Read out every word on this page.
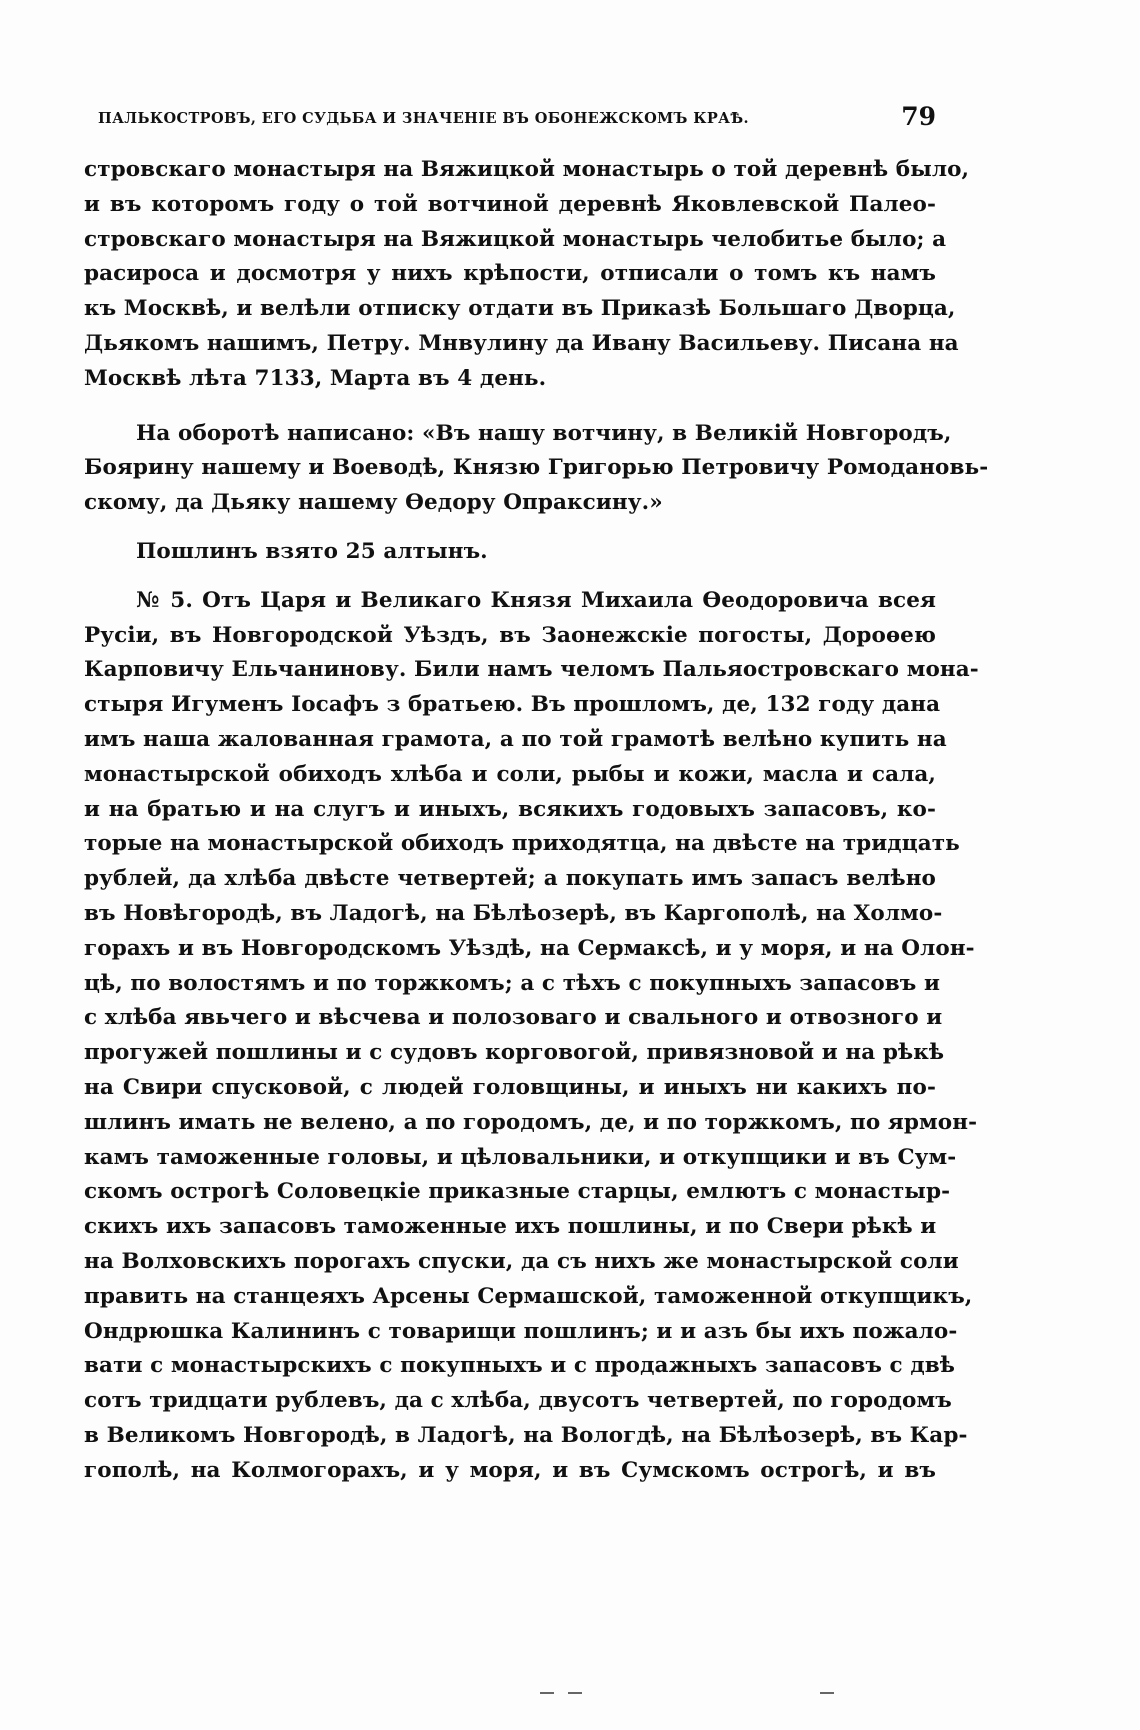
ПАЛЬКОСТРОВЪ, ЕГО СУДЬБА И ЗНАЧЕНІЕ ВЪ ОБОНЕЖСКОМЪ КРАѢ.	79
стровскаго монастыря на Вяжицкой монастырь о той деревнѣ было,
и въ которомъ году о той вотчиной деревнѣ Яковлевской Палео-
стровскаго монастыря на Вяжицкой монастырь челобитье было; а
расироса и досмотря у нихъ крѣпости, отписали о томъ къ намъ
къ Москвѣ, и велѣли отписку отдати въ Приказѣ Большаго Дворца,
Дьякомъ нашимъ, Петру. Мнвулину да Ивану Васильеву. Писана на
Москвѣ лѣта 7133, Марта въ 4 день.
На оборотѣ написано: «Въ нашу вотчину, в Великій Новгородъ,
Боярину нашему и Воеводѣ, Князю Григорью Петровичу Ромодановь-
скому, да Дьяку нашему Өедору Опраксину.»
Пошлинъ взято 25 алтынъ.
№ 5. Отъ Царя и Великаго Князя Михаила Өеодоровича всея
Русіи, въ Новгородской Уѣздъ, въ Заонежскіе погосты, Дороѳею
Карповичу Ельчанинову. Били намъ челомъ Пальяостровскаго мона-
стыря Игуменъ Іосафъ з братьею. Въ прошломъ, де, 132 году дана
имъ наша жалованная грамота, а по той грамотѣ велѣно купить на
монастырской обиходъ хлѣба и соли, рыбы и кожи, масла и сала,
и на братью и на слугъ и иныхъ, всякихъ годовыхъ запасовъ, ко-
торые на монастырской обиходъ приходятца, на двѣсте на тридцать
рублей, да хлѣба двѣсте четвертей; а покупать имъ запасъ велѣно
въ Новѣгородѣ, въ Ладогѣ, на Бѣлѣозерѣ, въ Каргополѣ, на Холмо-
горахъ и въ Новгородскомъ Уѣздѣ, на Сермаксѣ, и у моря, и на Олон-
цѣ, по волостямъ и по торжкомъ; а с тѣхъ с покупныхъ запасовъ и
с хлѣба явьчего и вѣсчева и полозоваго и свального и отвозного и
прогужей пошлины и с судовъ корговогой, привязновой и на рѣкѣ
на Свири спусковой, с людей головщины, и иныхъ ни какихъ по-
шлинъ имать не велено, а по городомъ, де, и по торжкомъ, по ярмон-
камъ таможенные головы, и цѣловальники, и откупщики и въ Сум-
скомъ острогѣ Соловецкіе приказные старцы, емлютъ с монастыр-
скихъ ихъ запасовъ таможенные ихъ пошлины, и по Свери рѣкѣ и
на Волховскихъ порогахъ спуски, да съ нихъ же монастырской соли
править на станцеяхъ Арсены Сермашской, таможенной откупщикъ,
Ондрюшка Калининъ с товарищи пошлинъ; и и азъ бы ихъ пожало-
вати с монастырскихъ с покупныхъ и с продажныхъ запасовъ с двѣ
сотъ тридцати рублевъ, да с хлѣба, двусотъ четвертей, по городомъ
в Великомъ Новгородѣ, в Ладогѣ, на Вологдѣ, на Бѣлѣозерѣ, въ Кар-
гополѣ, на Колмогорахъ, и у моря, и въ Сумскомъ острогѣ, и въ
